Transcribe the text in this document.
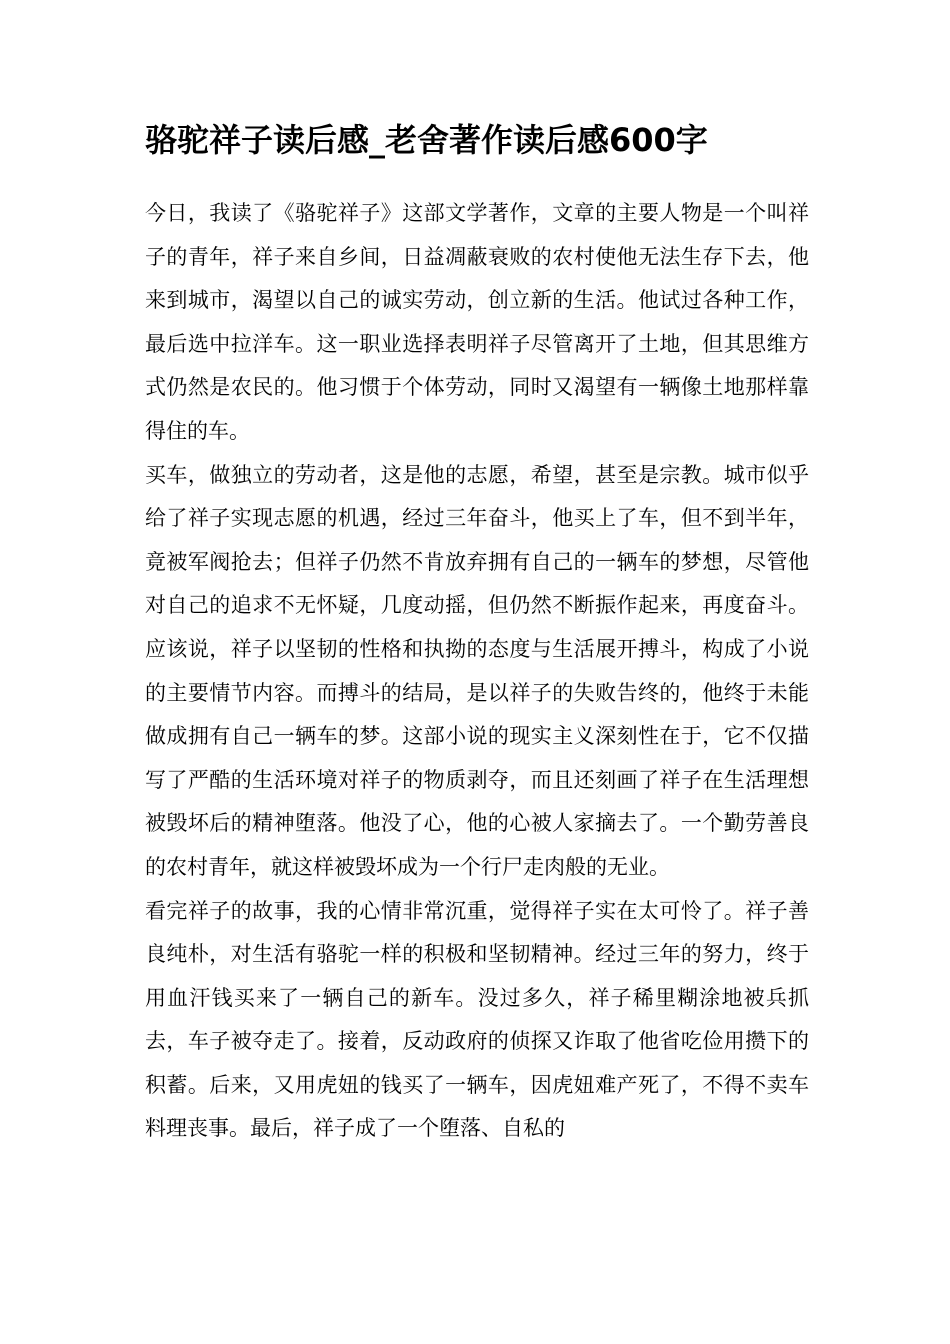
骆驼祥子读后感_老舍著作读后感600字

今日，我读了《骆驼祥子》这部文学著作，文章的主要人物是一个叫祥子的青年，祥子来自乡间，日益凋蔽衰败的农村使他无法生存下去，他来到城市，渴望以自己的诚实劳动，创立新的生活。他试过各种工作，最后选中拉洋车。这一职业选择表明祥子尽管离开了土地，但其思维方式仍然是农民的。他习惯于个体劳动，同时又渴望有一辆像土地那样靠得住的车。

买车，做独立的劳动者，这是他的志愿，希望，甚至是宗教。城市似乎给了祥子实现志愿的机遇，经过三年奋斗，他买上了车，但不到半年，竟被军阀抢去；但祥子仍然不肯放弃拥有自己的一辆车的梦想，尽管他对自己的追求不无怀疑，几度动摇，但仍然不断振作起来，再度奋斗。应该说，祥子以坚韧的性格和执拗的态度与生活展开搏斗，构成了小说的主要情节内容。而搏斗的结局，是以祥子的失败告终的，他终于未能做成拥有自己一辆车的梦。这部小说的现实主义深刻性在于，它不仅描写了严酷的生活环境对祥子的物质剥夺，而且还刻画了祥子在生活理想被毁坏后的精神堕落。他没了心，他的心被人家摘去了。一个勤劳善良的农村青年，就这样被毁坏成为一个行尸走肉般的无业。

看完祥子的故事，我的心情非常沉重，觉得祥子实在太可怜了。祥子善良纯朴，对生活有骆驼一样的积极和坚韧精神。经过三年的努力，终于用血汗钱买来了一辆自己的新车。没过多久，祥子稀里糊涂地被兵抓去，车子被夺走了。接着，反动政府的侦探又诈取了他省吃俭用攒下的积蓄。后来，又用虎妞的钱买了一辆车，因虎妞难产死了，不得不卖车料理丧事。最后，祥子成了一个堕落、自私的
